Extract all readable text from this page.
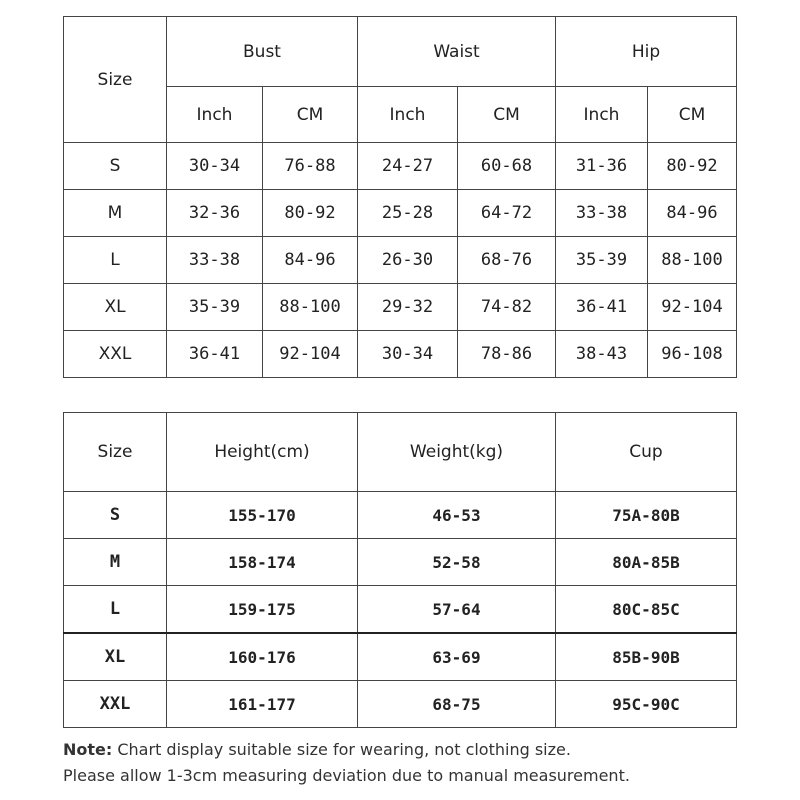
Size	Bust		Waist		Hip	
	Inch	CM	Inch	CM	Inch	CM
S	30-34	76-88	24-27	60-68	31-36	80-92
M	32-36	80-92	25-28	64-72	33-38	84-96
L	33-38	84-96	26-30	68-76	35-39	88-100
XL	35-39	88-100	29-32	74-82	36-41	92-104
XXL	36-41	92-104	30-34	78-86	38-43	96-108
Size	Height(cm)	Weight(kg)	Cup
S	155-170	46-53	75A-80B
M	158-174	52-58	80A-85B
L	159-175	57-64	80C-85C
XL	160-176	63-69	85B-90B
XXL	161-177	68-75	95C-90C
Note: Chart display suitable size for wearing, not clothing size.
Please allow 1-3cm measuring deviation due to manual measurement.
